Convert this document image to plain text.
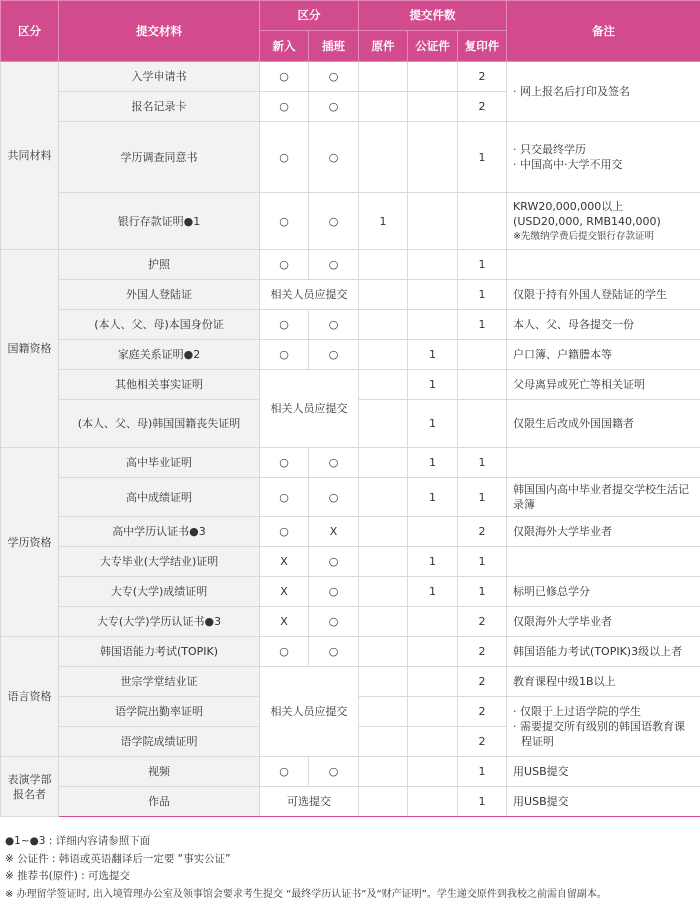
区分	提交材料	区分		提交件数			备注
		新入	插班	原件	公证件	复印件	
共同材料	入学申请书	○	○			2	· 网上报名后打印及签名
	报名记录卡	○	○			2	
	学历调查同意书	○	○			1	· 只交最终学历
· 中国高中·大学不用交

	银行存款证明●1	○	○	1			KRW20,000,000以上
(USD20,000, RMB140,000)
※先缴纳学费后提交银行存款证明

国籍资格	护照	○	○			1	
	外国人登陆证	相关人员应提交				1	仅限于持有外国人登陆证的学生
	(本人、父、母)本国身份证	○	○			1	本人、父、母各提交一份
	家庭关系证明●2	○	○		1		户口簿、户籍謄本等
	其他相关事实证明	相关人员应提交			1		父母离异或死亡等相关证明
	(本人、父、母)韩国国籍丧失证明				1		仅限生后改成外国国籍者
学历资格	高中毕业证明	○	○		1	1	
	高中成绩证明	○	○		1	1	韩国国内高中毕业者提交学校生活记
录簿

	高中学历认证书●3	○	X			2	仅限海外大学毕业者
	大专毕业(大学结业)证明	X	○		1	1	
	大专(大学)成绩证明	X	○		1	1	标明已修总学分
	大专(大学)学历认证书●3	X	○			2	仅限海外大学毕业者
语言资格	韩国语能力考试(TOPIK)	○	○			2	韩国语能力考试(TOPIK)3级以上者
	世宗学堂结业证	相关人员应提交				2	教育课程中级1B以上
	语学院出勤率证明					2	· 仅限于上过语学院的学生
· 需要提交所有级别的韩国语教育课
程证明

	语学院成绩证明					2	

表演学部
报名者	视频	○	○			1	用USB提交
	作品	可选提交				1	用USB提交
●1~●3 : 详细内容请参照下面
※ 公证件 : 韩语或英语翻译后一定要 “事实公证”
※ 推荐书(原件) : 可选提交
※ 办理留学签证时, 出入境管理办公室及领事馆会要求考生提交 “最终学历认证书”及“财产证明”。学生递交原件到我校之前需自留副本。
